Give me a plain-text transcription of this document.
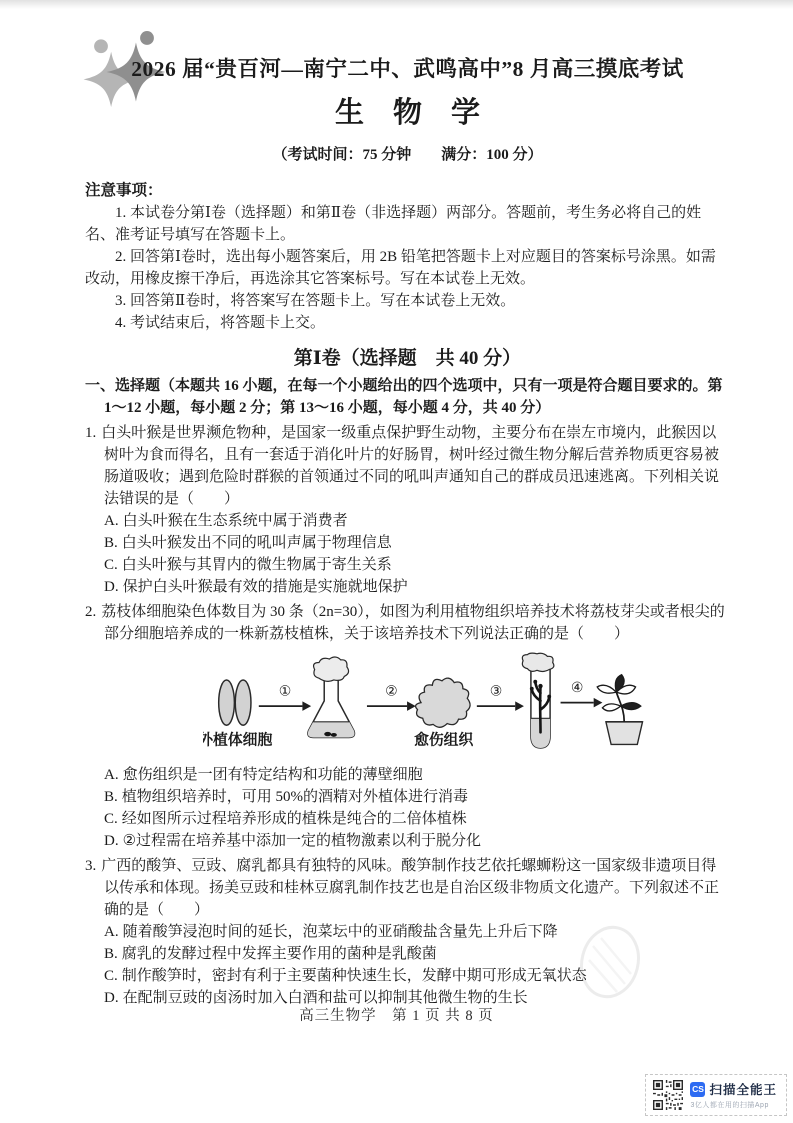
2026 届“贵百河—南宁二中、武鸣高中”8 月高三摸底考试

生　物　学

（考试时间：75 分钟　　满分：100 分）

注意事项：

1. 本试卷分第Ⅰ卷（选择题）和第Ⅱ卷（非选择题）两部分。答题前，考生务必将自己的姓名、准考证号填写在答题卡上。

2. 回答第Ⅰ卷时，选出每小题答案后，用 2B 铅笔把答题卡上对应题目的答案标号涂黑。如需改动，用橡皮擦干净后，再选涂其它答案标号。写在本试卷上无效。

3. 回答第Ⅱ卷时，将答案写在答题卡上。写在本试卷上无效。

4. 考试结束后，将答题卡上交。

第Ⅰ卷（选择题　共 40 分）

一、选择题（本题共 16 小题，在每一个小题给出的四个选项中，只有一项是符合题目要求的。第 1～12 小题，每小题 2 分；第 13～16 小题，每小题 4 分，共 40 分）

1. 白头叶猴是世界濒危物种，是国家一级重点保护野生动物，主要分布在崇左市境内，此猴因以树叶为食而得名，且有一套适于消化叶片的好肠胃，树叶经过微生物分解后营养物质更容易被肠道吸收；遇到危险时群猴的首领通过不同的吼叫声通知自己的群成员迅速逃离。下列相关说法错误的是（　　）

A. 白头叶猴在生态系统中属于消费者

B. 白头叶猴发出不同的吼叫声属于物理信息

C. 白头叶猴与其胃内的微生物属于寄生关系

D. 保护白头叶猴最有效的措施是实施就地保护

2. 荔枝体细胞染色体数目为 30 条（2n=30），如图为利用植物组织培养技术将荔枝芽尖或者根尖的部分细胞培养成的一株新荔枝植株，关于该培养技术下列说法正确的是（　　）

外植体细胞
①	②
愈伤组织
③	④

A. 愈伤组织是一团有特定结构和功能的薄壁细胞

B. 植物组织培养时，可用 50%的酒精对外植体进行消毒

C. 经如图所示过程培养形成的植株是纯合的二倍体植株

D. ②过程需在培养基中添加一定的植物激素以利于脱分化

3. 广西的酸笋、豆豉、腐乳都具有独特的风味。酸笋制作技艺依托螺蛳粉这一国家级非遗项目得以传承和体现。扬美豆豉和桂林豆腐乳制作技艺也是自治区级非物质文化遗产。下列叙述不正确的是（　　）

A. 随着酸笋浸泡时间的延长，泡菜坛中的亚硝酸盐含量先上升后下降

B. 腐乳的发酵过程中发挥主要作用的菌种是乳酸菌

C. 制作酸笋时，密封有利于主要菌种快速生长，发酵中期可形成无氧状态

D. 在配制豆豉的卤汤时加入白酒和盐可以抑制其他微生物的生长

高三生物学　第 1 页 共 8 页
CS 扫描全能王
3亿人都在用的扫描App
